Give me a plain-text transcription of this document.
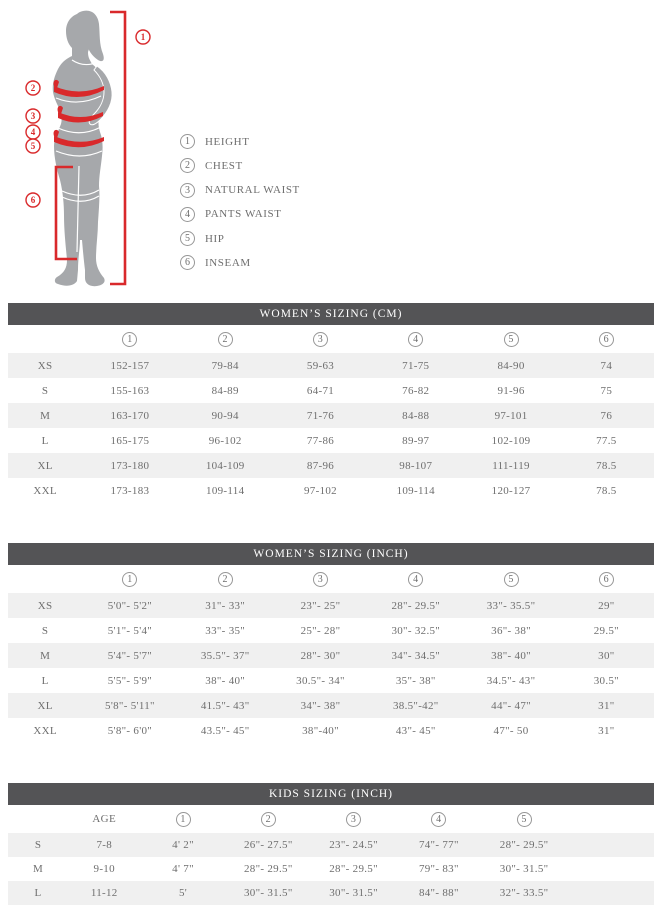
1
2
3
4
5
6
1	HEIGHT
2	CHEST
3	NATURAL WAIST
4	PANTS WAIST
5	HIP
6	INSEAM
WOMEN’S SIZING (CM)
	1	2	3	4	5	6
XS	152-157	79-84	59-63	71-75	84-90	74
S	155-163	84-89	64-71	76-82	91-96	75
M	163-170	90-94	71-76	84-88	97-101	76
L	165-175	96-102	77-86	89-97	102-109	77.5
XL	173-180	104-109	87-96	98-107	111-119	78.5
XXL	173-183	109-114	97-102	109-114	120-127	78.5
WOMEN’S SIZING (INCH)
	1	2	3	4	5	6
XS	5'0"- 5'2"	31"- 33"	23"- 25"	28"- 29.5"	33"- 35.5"	29"
S	5'1"- 5'4"	33"- 35"	25"- 28"	30"- 32.5"	36"- 38"	29.5"
M	5'4"- 5'7"	35.5"- 37"	28"- 30"	34"- 34.5"	38"- 40"	30"
L	5'5"- 5'9"	38"- 40"	30.5"- 34"	35"- 38"	34.5"- 43"	30.5"
XL	5'8"- 5'11"	41.5"- 43"	34"- 38"	38.5"-42"	44"- 47"	31"
XXL	5'8"- 6'0"	43.5"- 45"	38"-40"	43"- 45"	47"- 50	31"
KIDS SIZING (INCH)
	AGE	1	2	3	4	5	
S	7-8	4' 2"	26"- 27.5"	23"- 24.5"	74"- 77"	28"- 29.5"	
M	9-10	4' 7"	28"- 29.5"	28"- 29.5"	79"- 83"	30"- 31.5"	
L	11-12	5'	30"- 31.5"	30"- 31.5"	84"- 88"	32"- 33.5"	
